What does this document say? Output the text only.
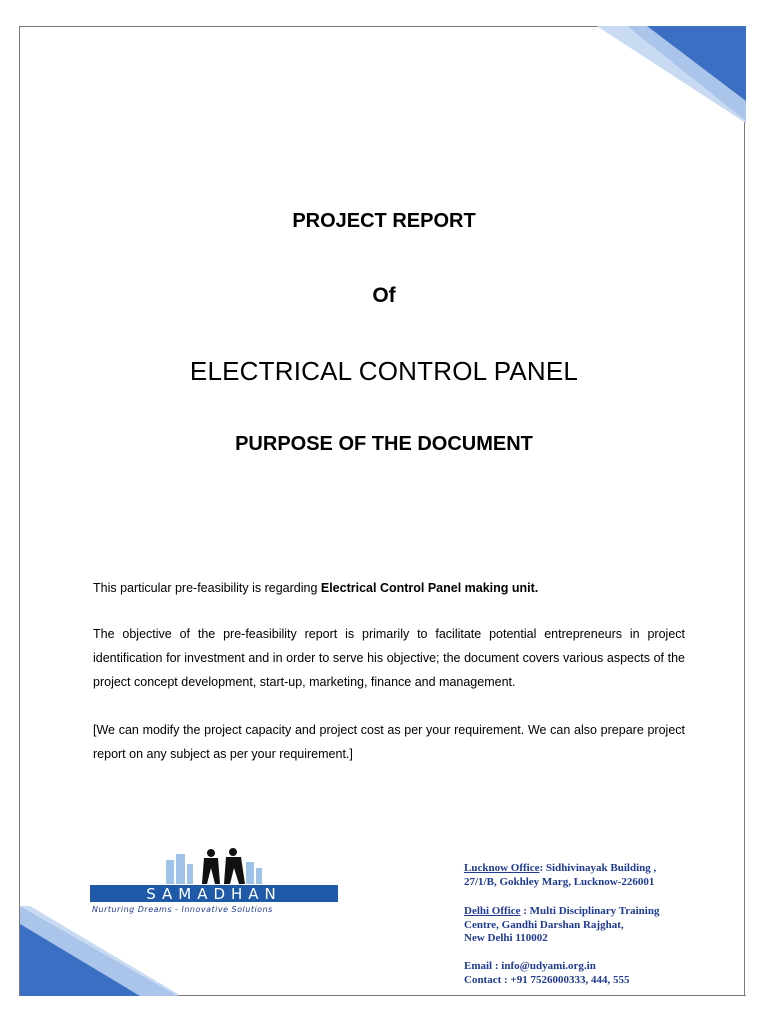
PROJECT REPORT
Of
ELECTRICAL CONTROL PANEL
PURPOSE OF THE DOCUMENT
This particular pre-feasibility is regarding Electrical Control Panel making unit.
The objective of the pre-feasibility report is primarily to facilitate potential entrepreneurs in project identification for investment and in order to serve his objective; the document covers various aspects of the project concept development, start-up, marketing, finance and management.
[We can modify the project capacity and project cost as per your requirement. We can also prepare project report on any subject as per your requirement.]
SAMADHAN
Nurturing Dreams - Innovative Solutions
Lucknow Office: Sidhivinayak Building ,
27/1/B, Gokhley Marg, Lucknow-226001
Delhi Office : Multi Disciplinary Training
Centre, Gandhi Darshan Rajghat,
New Delhi 110002
Email : info@udyami.org.in
Contact : +91 7526000333, 444, 555
